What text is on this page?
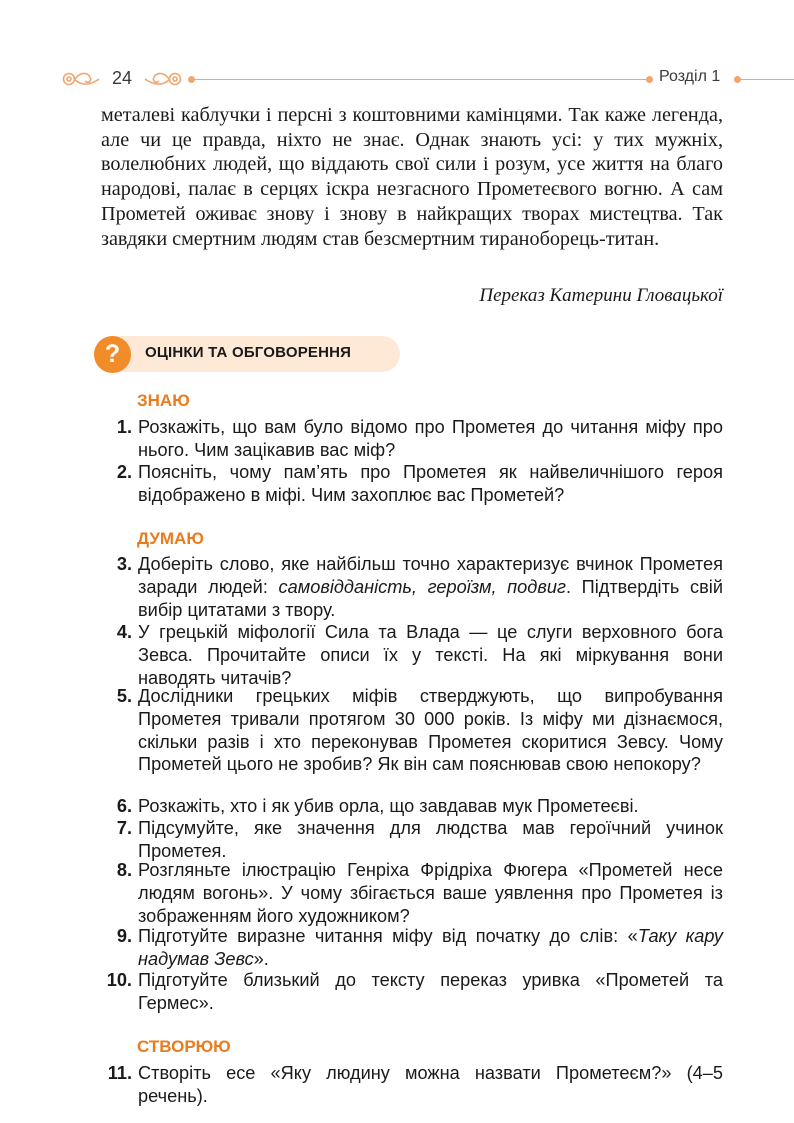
24	Розділ 1

металеві каблучки і персні з коштовними камінцями. Так каже легенда, але чи це правда, ніхто не знає. Однак знають усі: у тих мужніх, волелюбних людей, що віддають свої сили і розум, усе життя на благо народові, палає в серцях іскра незгасного Прометеєвого вогню. А сам Прометей оживає знову і знову в найкращих творах мистецтва. Так завдяки смертним людям став безсмертним тираноборець-титан.

Переказ Катерини Гловацької
?	ОЦІНКИ ТА ОБГОВОРЕННЯ
ЗНАЮ
1. Розкажіть, що вам було відомо про Прометея до читання міфу про нього. Чим зацікавив вас міф?
2. Поясніть, чому пам’ять про Прометея як найвеличнішого героя відображено в міфі. Чим захоплює вас Прометей?
ДУМАЮ
3. Доберіть слово, яке найбільш точно характеризує вчинок Прометея заради людей: самовідданість, героїзм, подвиг. Підтвердіть свій вибір цитатами з твору.
4. У грецькій міфології Сила та Влада — це слуги верховного бога Зевса. Прочитайте описи їх у тексті. На які міркування вони наводять читачів?
5. Дослідники грецьких міфів стверджують, що випробування Прометея тривали протягом 30 000 років. Із міфу ми дізнаємося, скільки разів і хто переконував Прометея скоритися Зевсу. Чому Прометей цього не зробив? Як він сам пояснював свою непокору?
6. Розкажіть, хто і як убив орла, що завдавав мук Прометеєві.
7. Підсумуйте, яке значення для людства мав героїчний учинок Прометея.
8. Розгляньте ілюстрацію Генріха Фрідріха Фюгера «Прометей несе людям вогонь». У чому збігається ваше уявлення про Прометея із зображенням його художником?
9. Підготуйте виразне читання міфу від початку до слів: «Таку кару надумав Зевс».
10. Підготуйте близький до тексту переказ уривка «Прометей та Гермес».
СТВОРЮЮ
11. Створіть есе «Яку людину можна назвати Прометеєм?» (4–5 речень).
